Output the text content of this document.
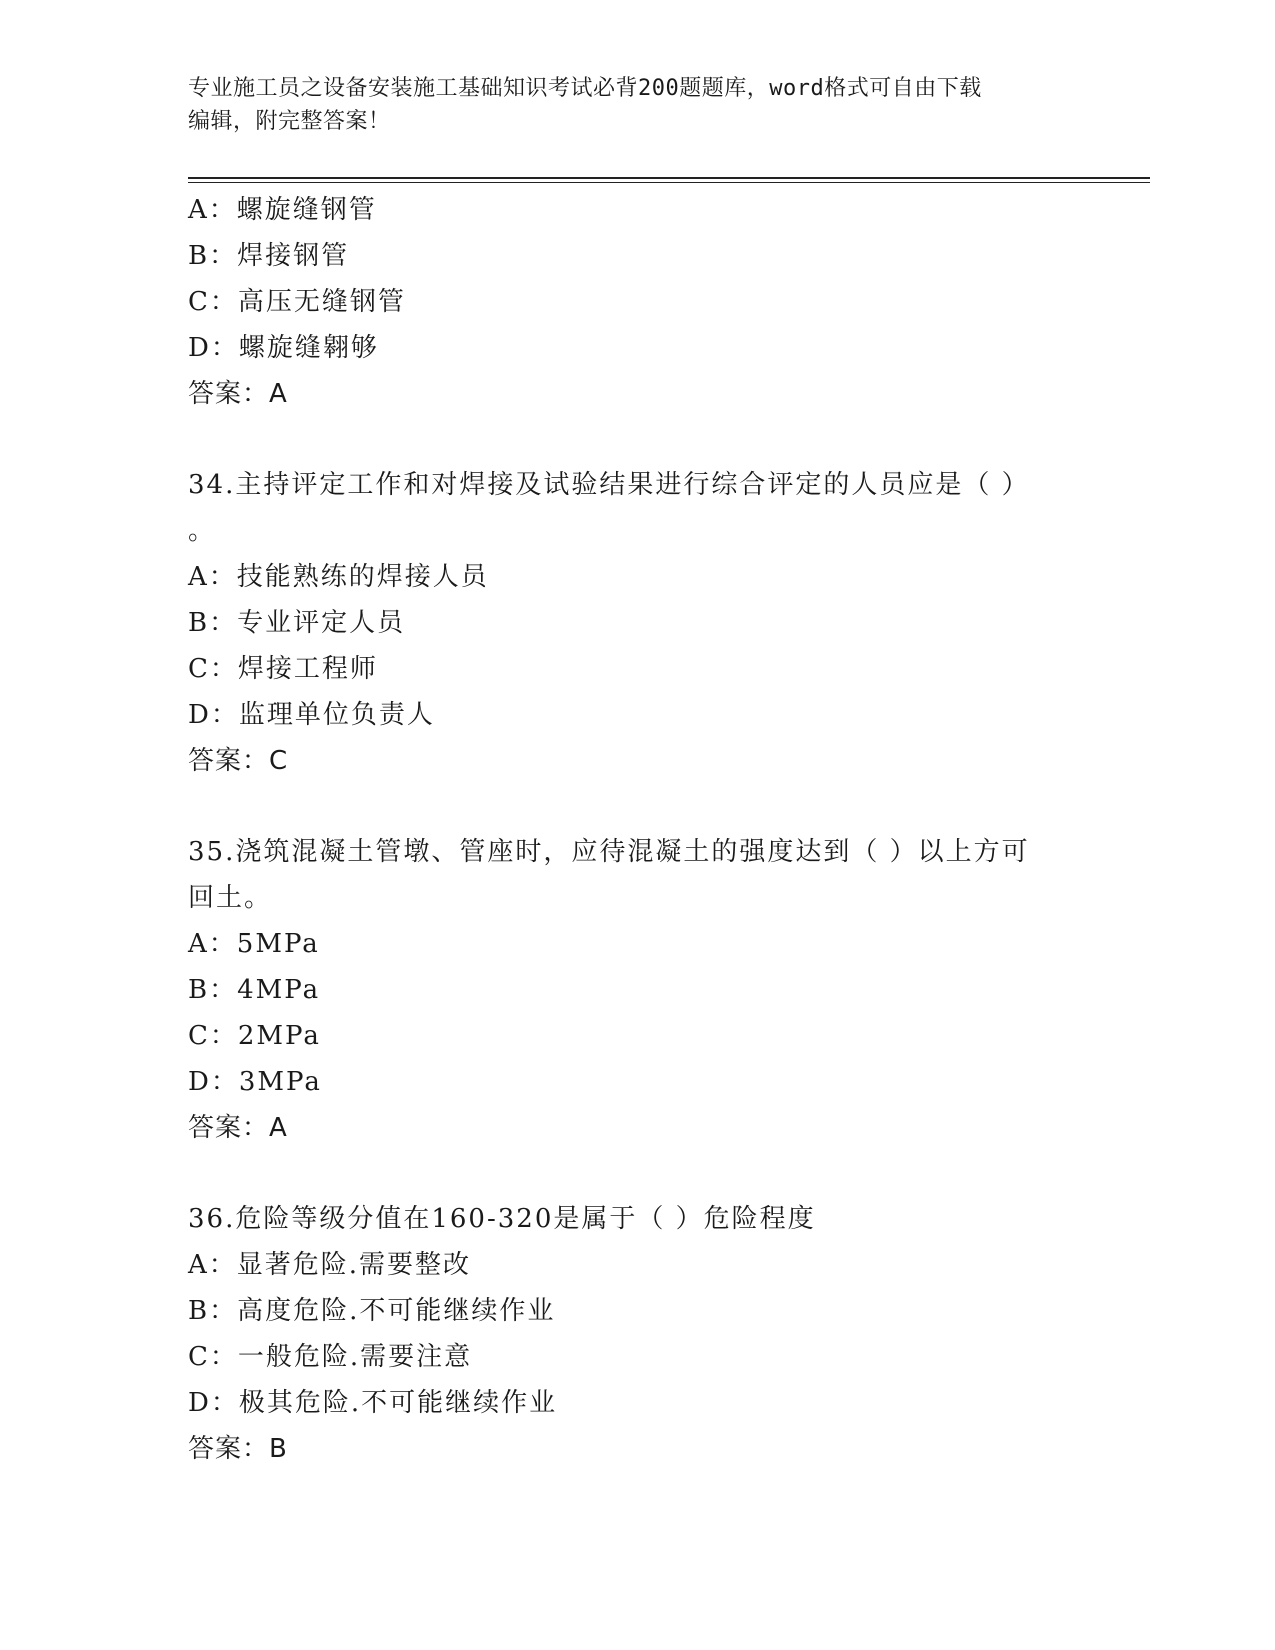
专业施工员之设备安装施工基础知识考试必背200题题库，word格式可自由下载
编辑，附完整答案！
A：螺旋缝钢管
B：焊接钢管
C：高压无缝钢管
D：螺旋缝翱够
答案：A
34.主持评定工作和对焊接及试验结果进行综合评定的人员应是（ ）
。
A：技能熟练的焊接人员
B：专业评定人员
C：焊接工程师
D：监理单位负责人
答案：C
35.浇筑混凝土管墩、管座时，应待混凝土的强度达到（ ）以上方可
回土。
A：5MPa
B：4MPa
C：2MPa
D：3MPa
答案：A
36.危险等级分值在160-320是属于（ ）危险程度
A：显著危险.需要整改
B：高度危险.不可能继续作业
C：一般危险.需要注意
D：极其危险.不可能继续作业
答案：B
